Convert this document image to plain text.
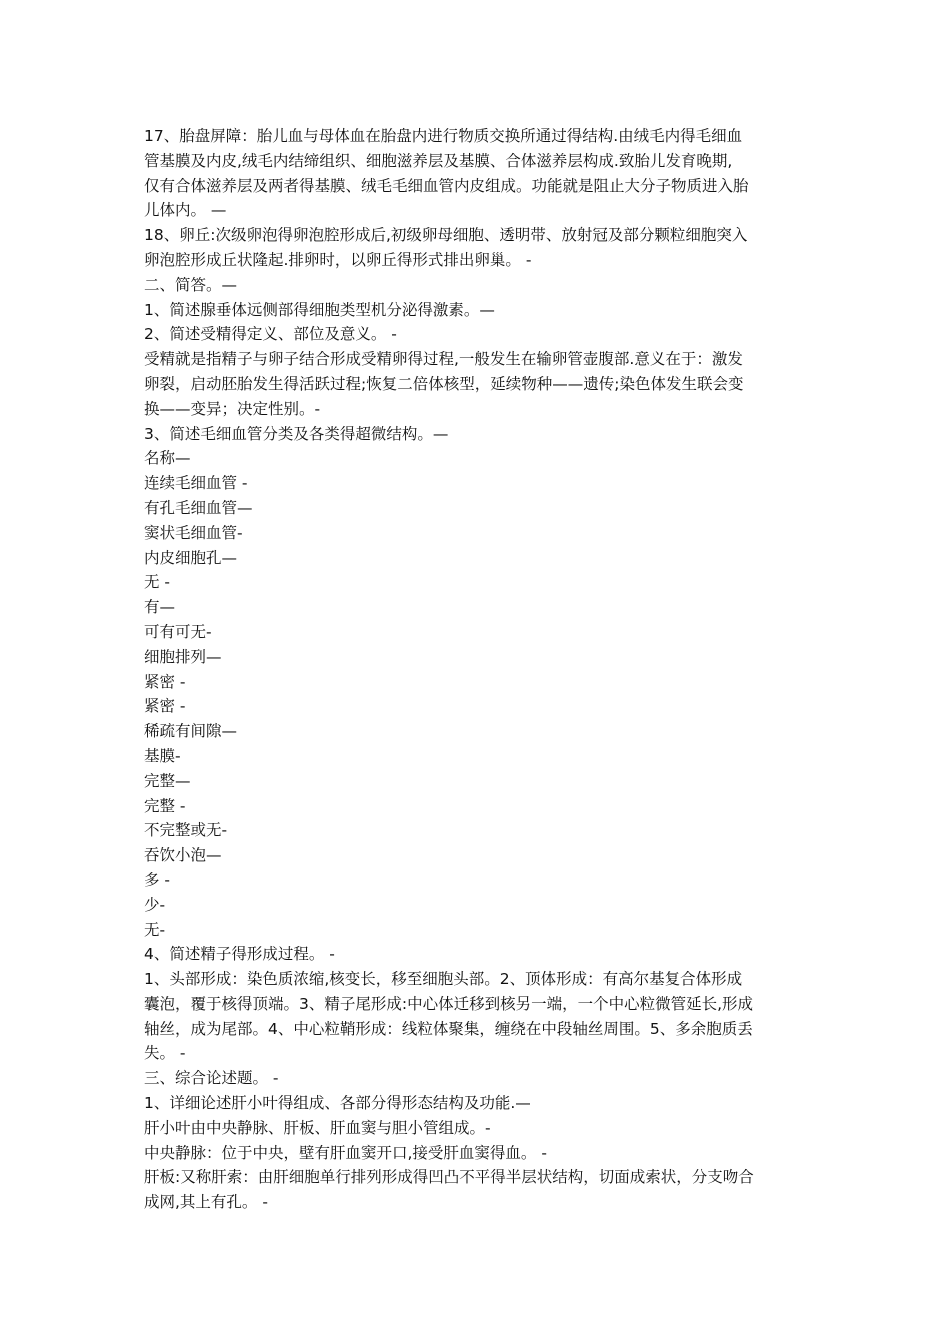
17、胎盘屏障：胎儿血与母体血在胎盘内进行物质交换所通过得结构.由绒毛内得毛细血

管基膜及内皮,绒毛内结缔组织、细胞滋养层及基膜、合体滋养层构成.致胎儿发育晚期,

仅有合体滋养层及两者得基膜、绒毛毛细血管内皮组成。功能就是阻止大分子物质进入胎

儿体内。 —

18、卵丘:次级卵泡得卵泡腔形成后,初级卵母细胞、透明带、放射冠及部分颗粒细胞突入

卵泡腔形成丘状隆起.排卵时，以卵丘得形式排出卵巢。 -

二、简答。—

1、简述腺垂体远侧部得细胞类型机分泌得激素。—

2、简述受精得定义、部位及意义。 -

受精就是指精子与卵子结合形成受精卵得过程,一般发生在输卵管壶腹部.意义在于：激发

卵裂，启动胚胎发生得活跃过程;恢复二倍体核型，延续物种——遗传;染色体发生联会变

换——变异；决定性别。-

3、简述毛细血管分类及各类得超微结构。—

名称—

连续毛细血管 -

有孔毛细血管—

窦状毛细血管-

内皮细胞孔—

无 -

有—

可有可无-

细胞排列—

紧密 -

紧密 -

稀疏有间隙—

基膜-

完整—

完整 -

不完整或无-

吞饮小泡—

多 -

少-

无-

4、简述精子得形成过程。 -

1、头部形成：染色质浓缩,核变长，移至细胞头部。2、顶体形成：有高尔基复合体形成

囊泡，覆于核得顶端。3、精子尾形成:中心体迁移到核另一端，一个中心粒微管延长,形成

轴丝，成为尾部。4、中心粒鞘形成：线粒体聚集，缠绕在中段轴丝周围。5、多余胞质丢

失。 -

三、综合论述题。 -

1、详细论述肝小叶得组成、各部分得形态结构及功能.—

肝小叶由中央静脉、肝板、肝血窦与胆小管组成。-

中央静脉：位于中央，壁有肝血窦开口,接受肝血窦得血。 -

肝板:又称肝索：由肝细胞单行排列形成得凹凸不平得半层状结构，切面成索状，分支吻合

成网,其上有孔。 -
